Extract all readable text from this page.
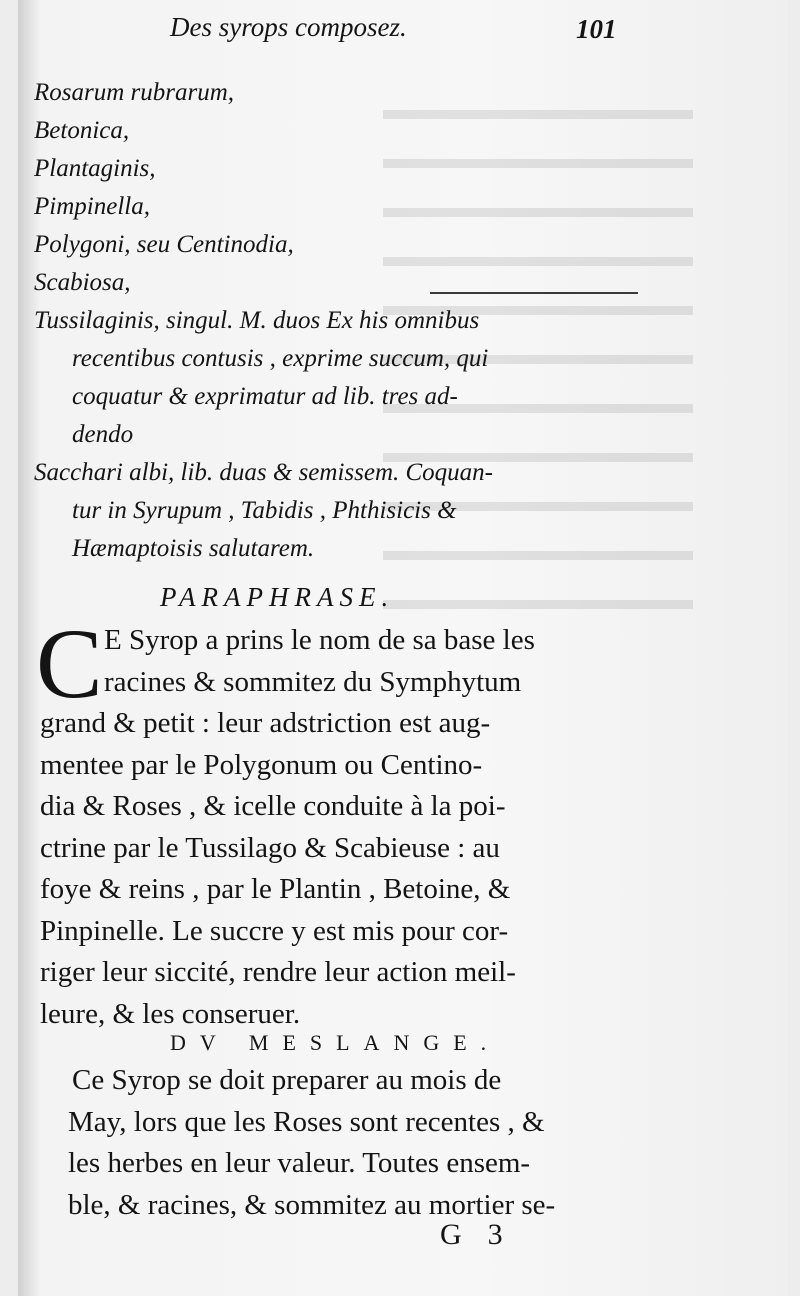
Des syrops composez.	101
Rosarum rubrarum,
Betonica,
Plantaginis,
Pimpinella,
Polygoni, seu Centinodia,
Scabiosa,
Tussilaginis, singul. M. duos Ex his omnibus
recentibus contusis , exprime succum, qui
coquatur & exprimatur ad lib. tres ad-
dendo
Sacchari albi, lib. duas & semissem. Coquan-
tur in Syrupum , Tabidis , Phthisicis &
Hæmaptoisis salutarem.
PARAPHRASE.
C E Syrop a prins le nom de sa base les
racines & sommitez du Symphytum
grand & petit : leur adstriction est aug-
mentee par le Polygonum ou Centino-
dia & Roses , & icelle conduite à la poi-
ctrine par le Tussilago & Scabieuse : au
foye & reins , par le Plantin , Betoine, &
Pinpinelle. Le succre y est mis pour cor-
riger leur siccité, rendre leur action meil-
leure, & les conseruer.
DV MESLANGE.
Ce Syrop se doit preparer au mois de
May, lors que les Roses sont recentes , &
les herbes en leur valeur. Toutes ensem-
ble, & racines, & sommitez au mortier se-
G 3
